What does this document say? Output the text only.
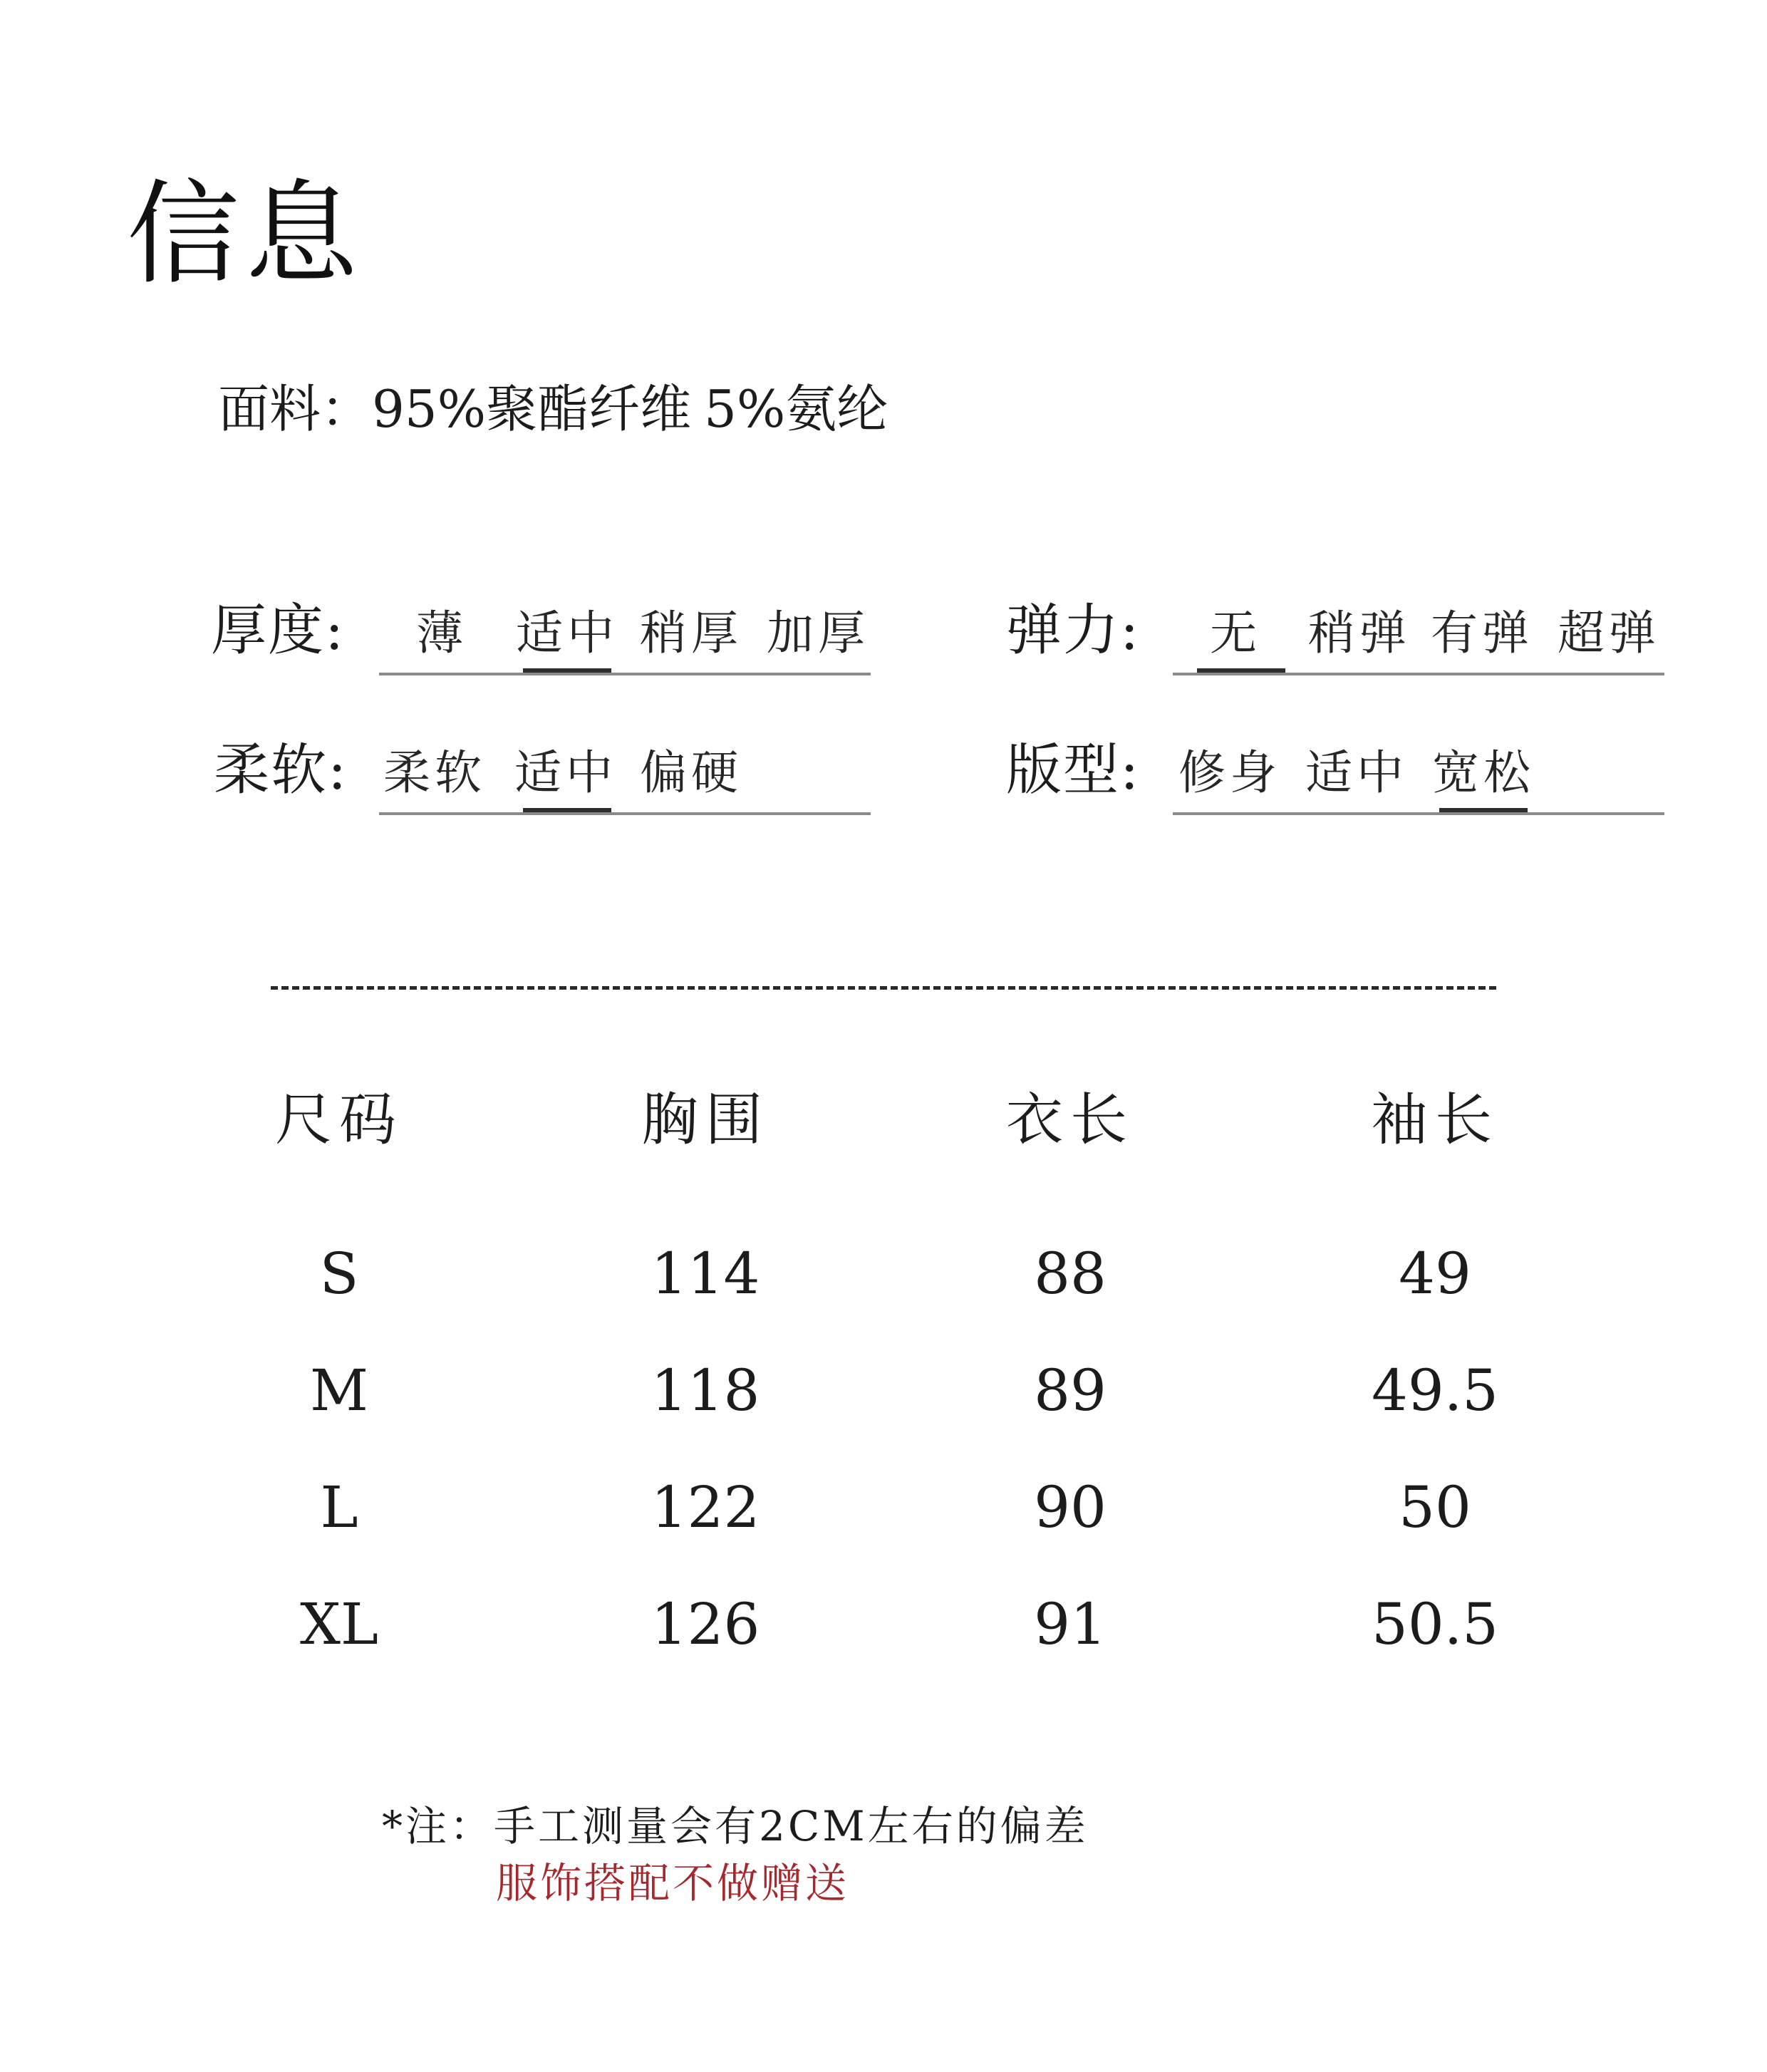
信息
面料：95%聚酯纤维 5%氨纶
厚度: 薄 适中 稍厚 加厚 弹力: 无 稍弹 有弹 超弹
柔软: 柔软 适中 偏硬	版型: 修身 适中 宽松
尺码	胸围	衣长	袖长
S	114	88	49
M	118	89	49.5
L	122	90	50
XL	126	91	50.5
*注：手工测量会有2CM左右的偏差
服饰搭配不做赠送
